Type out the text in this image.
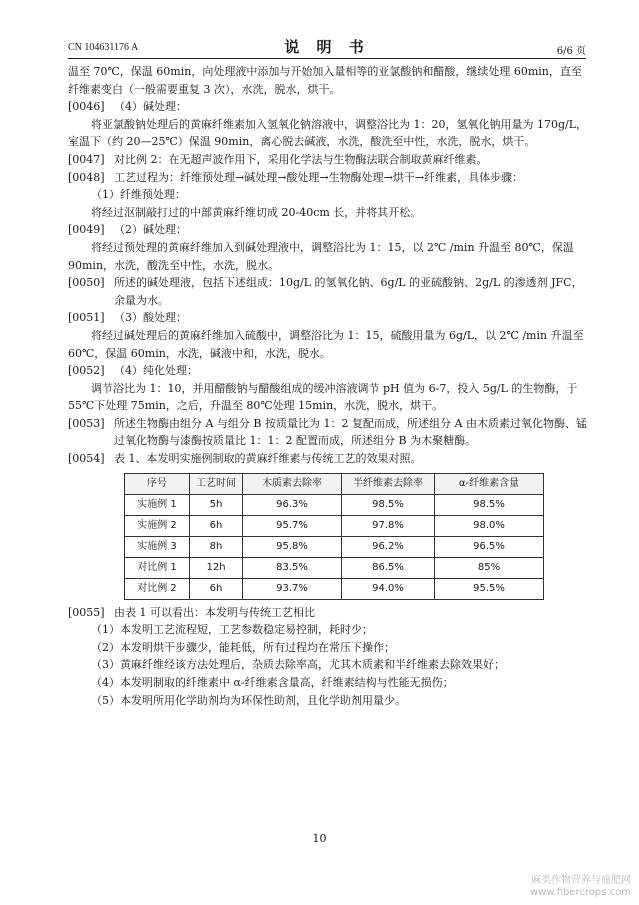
CN 104631176 A	说 明 书	6/6 页

温至 70℃，保温 60min，向处理液中添加与开始加入量相等的亚氯酸钠和醋酸，继续处理 60min，直至纤维素变白（一般需要重复 3 次），水洗，脱水，烘干。

[0046] （4）碱处理：

将亚氯酸钠处理后的黄麻纤维素加入氢氧化钠溶液中，调整浴比为 1：20，氢氧化钠用量为 170g/L，室温下（约 20—25℃）保温 90min，离心脱去碱液，水洗，酸洗至中性，水洗，脱水，烘干。

[0047] 对比例 2：在无超声波作用下，采用化学法与生物酶法联合制取黄麻纤维素。
[0048] 工艺过程为：纤维预处理→碱处理→酸处理→生物酶处理→烘干→纤维素，具体步骤：

（1）纤维预处理：

将经过沤制敲打过的中部黄麻纤维切成 20-40cm 长，并将其开松。

[0049] （2）碱处理：

将经过预处理的黄麻纤维加入到碱处理液中，调整浴比为 1：15，以 2℃ /min 升温至 80℃，保温 90min，水洗，酸洗至中性，水洗，脱水。

[0050] 所述的碱处理液，包括下述组成：10g/L 的氢氧化钠、6g/L 的亚硫酸钠、2g/L 的渗透剂 JFC，余量为水。
[0051] （3）酸处理：

将经过碱处理后的黄麻纤维加入硫酸中，调整浴比为 1：15，硫酸用量为 6g/L，以 2℃ /min 升温至 60℃，保温 60min，水洗，碱液中和，水洗，脱水。

[0052] （4）纯化处理：

调节浴比为 1：10，并用醋酸钠与醋酸组成的缓冲溶液调节 pH 值为 6-7，投入 5g/L 的生物酶，于 55℃下处理 75min，之后，升温至 80℃处理 15min，水洗，脱水，烘干。

[0053] 所述生物酶由组分 A 与组分 B 按质量比为 1：2 复配而成，所述组分 A 由木质素过氧化物酶、锰过氧化物酶与漆酶按质量比 1：1：2 配置而成，所述组分 B 为木聚糖酶。
[0054] 表 1、本发明实施例制取的黄麻纤维素与传统工艺的效果对照。
序号	工艺时间	木质素去除率	半纤维素去除率	α-纤维素含量
实施例 1	5h	96.3%	98.5%	98.5%
实施例 2	6h	95.7%	97.8%	98.0%
实施例 3	8h	95.8%	96.2%	96.5%
对比例 1	12h	83.5%	86.5%	85%
对比例 2	6h	93.7%	94.0%	95.5%
[0055] 由表 1 可以看出：本发明与传统工艺相比

（1）本发明工艺流程短，工艺参数稳定易控制，耗时少；

（2）本发明烘干步骤少，能耗低，所有过程均在常压下操作；

（3）黄麻纤维经该方法处理后，杂质去除率高，尤其木质素和半纤维素去除效果好；

（4）本发明制取的纤维素中 α-纤维素含量高，纤维素结构与性能无损伤；

（5）本发明所用化学助剂均为环保性助剂，且化学助剂用量少。

10
麻类作物营养与施肥网
www.fibercrops.com
